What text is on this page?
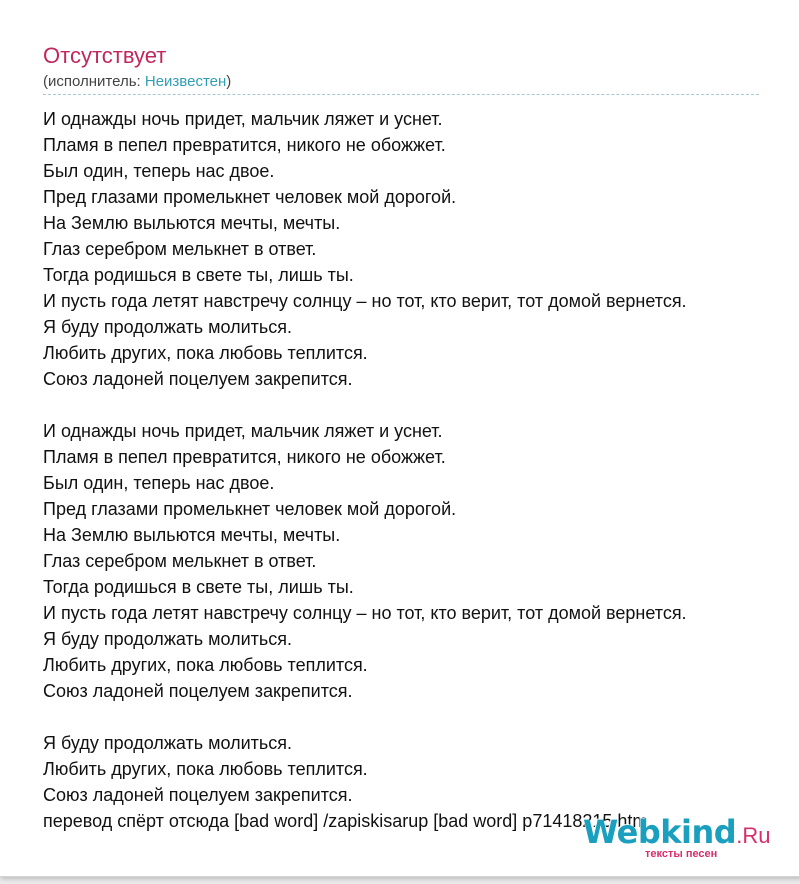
Отсутствует
(исполнитель: Неизвестен)
И однажды ночь придет, мальчик ляжет и уснет.
Пламя в пепел превратится, никого не обожжет.
Был один, теперь нас двое.
Пред глазами промелькнет человек мой дорогой.
На Землю выльются мечты, мечты.
Глаз серебром мелькнет в ответ.
Тогда родишься в свете ты, лишь ты.
И пусть года летят навстречу солнцу – но тот, кто верит, тот домой вернется.
Я буду продолжать молиться.
Любить других, пока любовь теплится.
Союз ладоней поцелуем закрепится.
И однажды ночь придет, мальчик ляжет и уснет.
Пламя в пепел превратится, никого не обожжет.
Был один, теперь нас двое.
Пред глазами промелькнет человек мой дорогой.
На Землю выльются мечты, мечты.
Глаз серебром мелькнет в ответ.
Тогда родишься в свете ты, лишь ты.
И пусть года летят навстречу солнцу – но тот, кто верит, тот домой вернется.
Я буду продолжать молиться.
Любить других, пока любовь теплится.
Союз ладоней поцелуем закрепится.
Я буду продолжать молиться.
Любить других, пока любовь теплится.
Союз ладоней поцелуем закрепится.
перевод спёрт отсюда [bad word] /zapiskisarup [bad word] p71418215.htm
Webkind.Ru
тексты песен
